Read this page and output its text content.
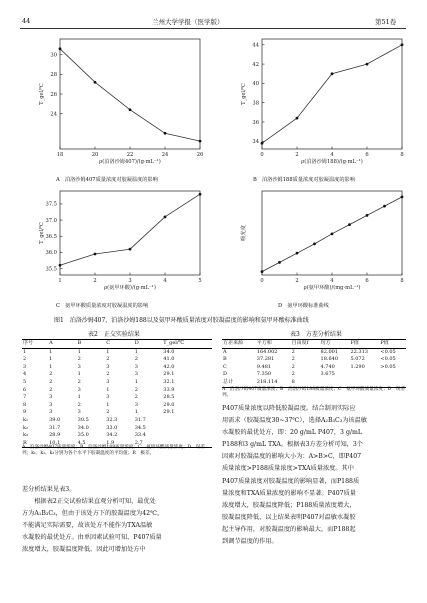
44	兰州大学学报（医学版）	第51卷
18	20	22	24	26
24
26
28
30
ρ(泊洛沙姆407)/(g·mL⁻¹)
T_gel/℃
0	2	4	6	8
34
36
38
40
42
44
ρ(泊洛沙姆188)/(g·mL⁻¹)
T_gel/℃
1	2	3	4	5
35.5
36.0
36.5
37.0
37.5
ρ(氨甲环酸)/(g·mL⁻¹)
T_gel/℃
0	2	4	6	8
ρ(氨甲环酸)/(mg·mL⁻¹)
吸光度
A　泊洛沙姆407质量浓度对胶凝温度的影响	B　泊洛沙姆188质量浓度对胶凝温度的影响
C　氨甲环酸质量浓度对胶凝温度的影响	D　氨甲环酸标准曲线
图1　泊洛沙姆407、泊洛沙姆188以及氨甲环酸质量浓度对胶凝温度的影响和氨甲环酸标准曲线
表2　正交实验结果
序号	A	B	C	D	T_gel/℃
1	1	1	1	1	34.0
2	1	2	2	2	41.0
3	1	3	3	3	42.0
4	2	1	2	3	29.1
5	2	2	3	1	32.1
6	2	3	1	2	33.9
7	3	1	3	2	28.5
8	3	2	1	3	29.0
9	3	3	2	1	29.1
k₁	39.0	30.5	32.3	31.7	
k₂	31.7	34.0	33.0	34.5	
k₃	28.9	35.0	34.2	33.4	
R	10.1	4.5	1.9	2.7	
A　泊洛沙姆407质量浓度；B　泊洛沙姆188质量浓度；C　氨甲环酸质量浓度；D　误差列；k₁、k₂、k₃分别为各个水平下胶凝温度的平均值；R　极差。
表3　方差分析结果
方差来源	平方和	自由度f	均方	F值	P值
A	164.002	2	82.001	22.313	<0.05
B	37.281	2	18.640	5.072	<0.05
C	9.481	2	4.740	1.290	>0.05
D	7.350	2	3.675		
总计	218.114	8			
A　泊洛沙姆407质量浓度；B　泊洛沙姆188质量浓度；C　氨甲环酸质量浓度；D　误差列。
差分析结果见表3。
　　根据表2正交试验结果直观分析可知，最优处
方为A₁B₃C₃，但由于该处方下的胶凝温度为42℃，
不能满足实际需要，故该处方不能作为TXA温敏
水凝胶的最优处方。由单因素试验可知，P407质量
浓度增大，胶凝温度降低，因此可增加处方中
P407质量浓度以降低胶凝温度。结合制剂实际应
用需求（胶凝温度30~37℃），选择A₂B₃C₃为该温敏
水凝胶的最优处方，即：20 g/mL P407，3 g/mL
P188和3 g/mL TXA。根据表3方差分析可知，3个
因素对胶凝温度的影响大小为：A>B>C，即P407
质量浓度>P188质量浓度>TXA质量浓度。其中
P407质量浓度对胶凝温度的影响显著，而P188质
量浓度和TXA质量浓度的影响不显著。P407质量
浓度增大，胶凝温度降低；P188质量浓度增大，
胶凝温度降低，以上结果表明P407对温敏水凝胶
起主导作用，对胶凝温度的影响最大，而P188起
到调节温度的作用。
